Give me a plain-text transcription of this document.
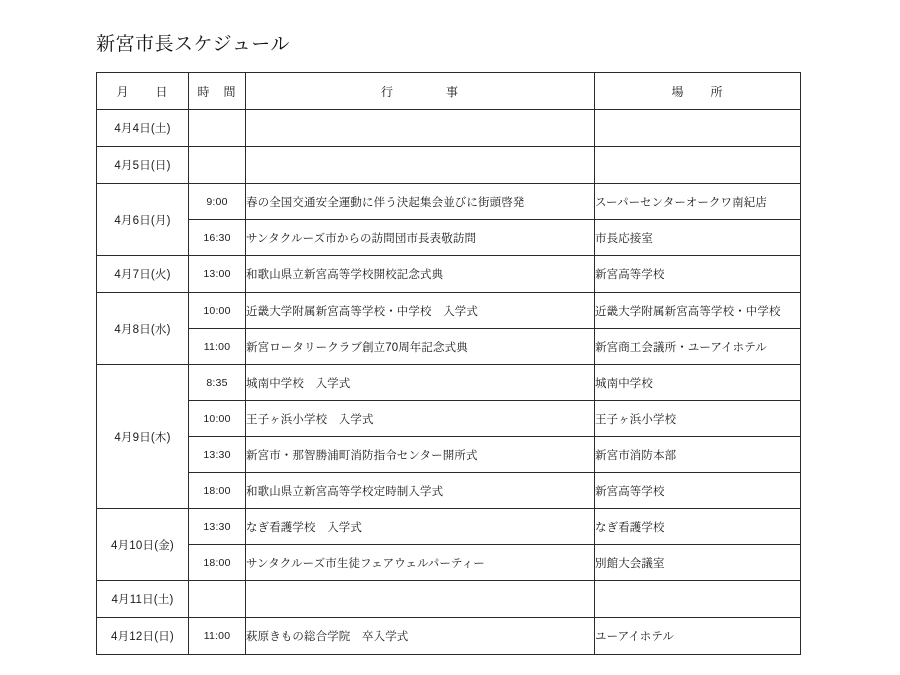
新宮市長スケジュール
月　　日	時　間	行　　　　事	場　　所
4月4日(土)			
4月5日(日)			
4月6日(月)	9:00	春の全国交通安全運動に伴う決起集会並びに街頭啓発	スーパーセンターオークワ南紀店
	16:30	サンタクルーズ市からの訪問団市長表敬訪問	市長応接室
4月7日(火)	13:00	和歌山県立新宮高等学校開校記念式典	新宮高等学校
4月8日(水)	10:00	近畿大学附属新宮高等学校・中学校　入学式	近畿大学附属新宮高等学校・中学校
	11:00	新宮ロータリークラブ創立70周年記念式典	新宮商工会議所・ユーアイホテル
4月9日(木)	8:35	城南中学校　入学式	城南中学校
	10:00	王子ヶ浜小学校　入学式	王子ヶ浜小学校
	13:30	新宮市・那智勝浦町消防指令センター開所式	新宮市消防本部
	18:00	和歌山県立新宮高等学校定時制入学式	新宮高等学校
4月10日(金)	13:30	なぎ看護学校　入学式	なぎ看護学校
	18:00	サンタクルーズ市生徒フェアウェルパーティー	別館大会議室
4月11日(土)			
4月12日(日)	11:00	萩原きもの総合学院　卒入学式	ユーアイホテル
